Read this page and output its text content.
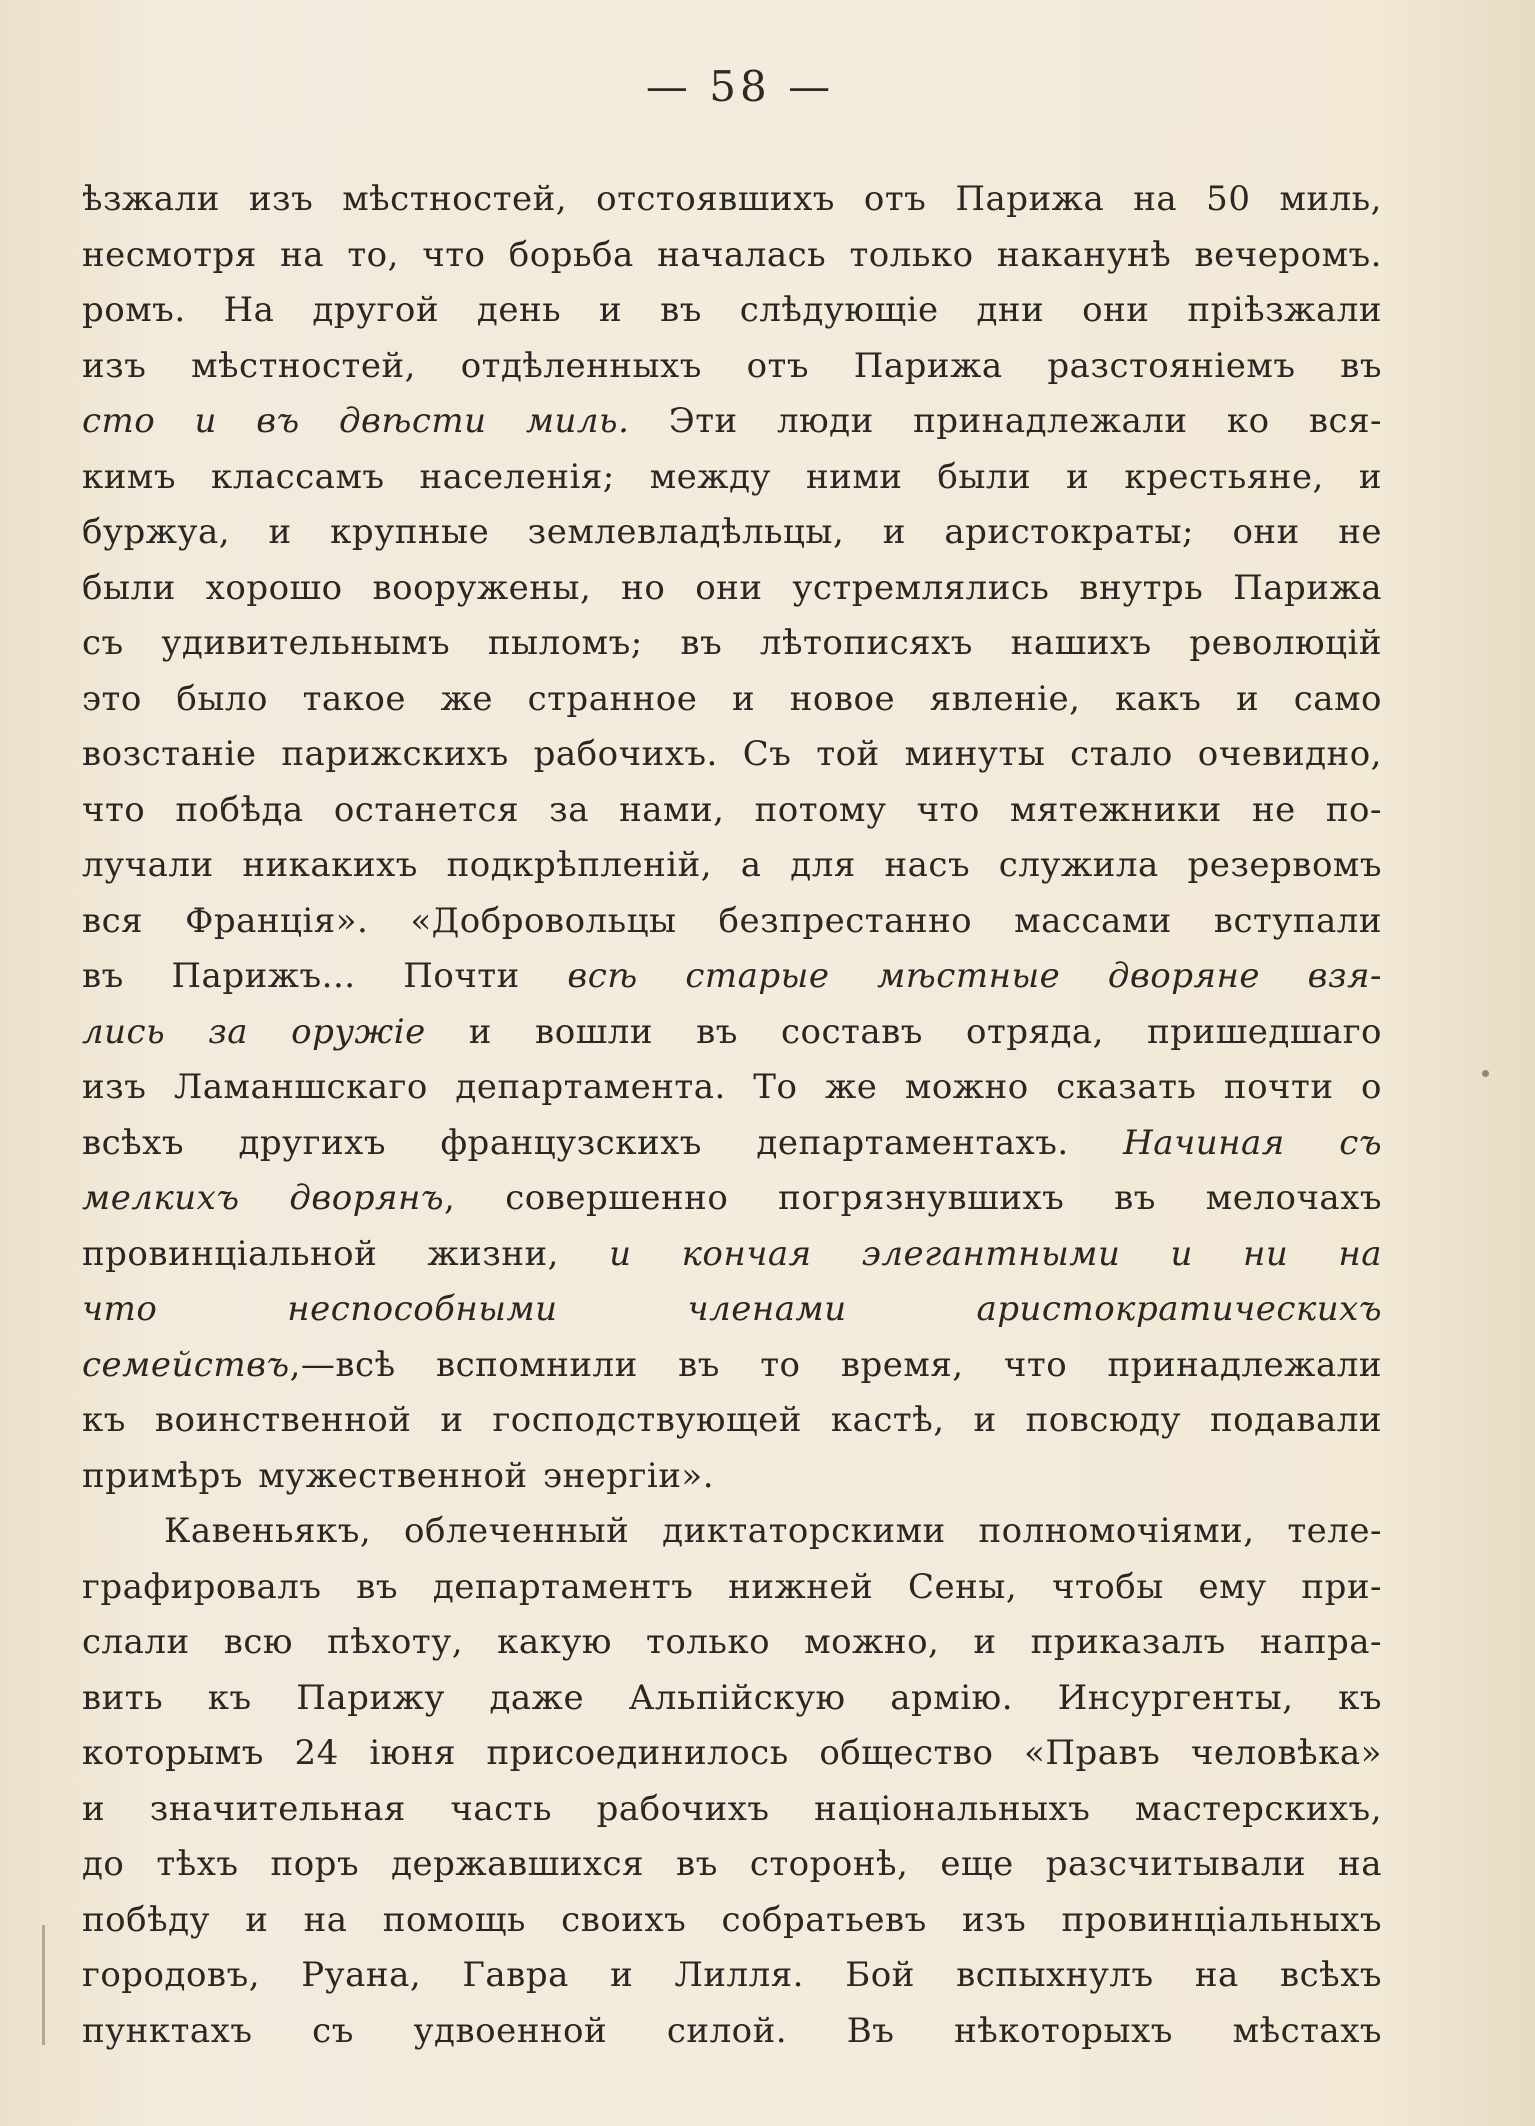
— 58 —
ѣзжали изъ мѣстностей, отстоявшихъ отъ Парижа на 50 миль,
несмотря на то, что борьба началась только наканунѣ вечеромъ.
ромъ. На другой день и въ слѣдующіе дни они пріѣзжали
изъ мѣстностей, отдѣленныхъ отъ Парижа разстояніемъ въ
сто и въ двѣсти миль. Эти люди принадлежали ко вся-
кимъ классамъ населенія; между ними были и крестьяне, и
буржуа, и крупные землевладѣльцы, и аристократы; они не
были хорошо вооружены, но они устремлялись внутрь Парижа
съ удивительнымъ пыломъ; въ лѣтописяхъ нашихъ революцій
это было такое же странное и новое явленіе, какъ и само
возстаніе парижскихъ рабочихъ. Съ той минуты стало очевидно,
что побѣда останется за нами, потому что мятежники не по-
лучали никакихъ подкрѣпленій, а для насъ служила резервомъ
вся Франція». «Добровольцы безпрестанно массами вступали
въ Парижъ... Почти всѣ старые мѣстные дворяне взя-
лись за оружіе и вошли въ составъ отряда, пришедшаго
изъ Ламаншскаго департамента. То же можно сказать почти о
всѣхъ другихъ французскихъ департаментахъ. Начиная съ
мелкихъ дворянъ, совершенно погрязнувшихъ въ мелочахъ
провинціальной жизни, и кончая элегантными и ни на
что неспособными членами аристократическихъ
семействъ,—всѣ вспомнили въ то время, что принадлежали
къ воинственной и господствующей кастѣ, и повсюду подавали
примѣръ мужественной энергіи».
Кавеньякъ, облеченный диктаторскими полномочіями, теле-
графировалъ въ департаментъ нижней Сены, чтобы ему при-
слали всю пѣхоту, какую только можно, и приказалъ напра-
вить къ Парижу даже Альпійскую армію. Инсургенты, къ
которымъ 24 іюня присоединилось общество «Правъ человѣка»
и значительная часть рабочихъ національныхъ мастерскихъ,
до тѣхъ поръ державшихся въ сторонѣ, еще разсчитывали на
побѣду и на помощь своихъ собратьевъ изъ провинціальныхъ
городовъ, Руана, Гавра и Лилля. Бой вспыхнулъ на всѣхъ
пунктахъ съ удвоенной силой. Въ нѣкоторыхъ мѣстахъ
